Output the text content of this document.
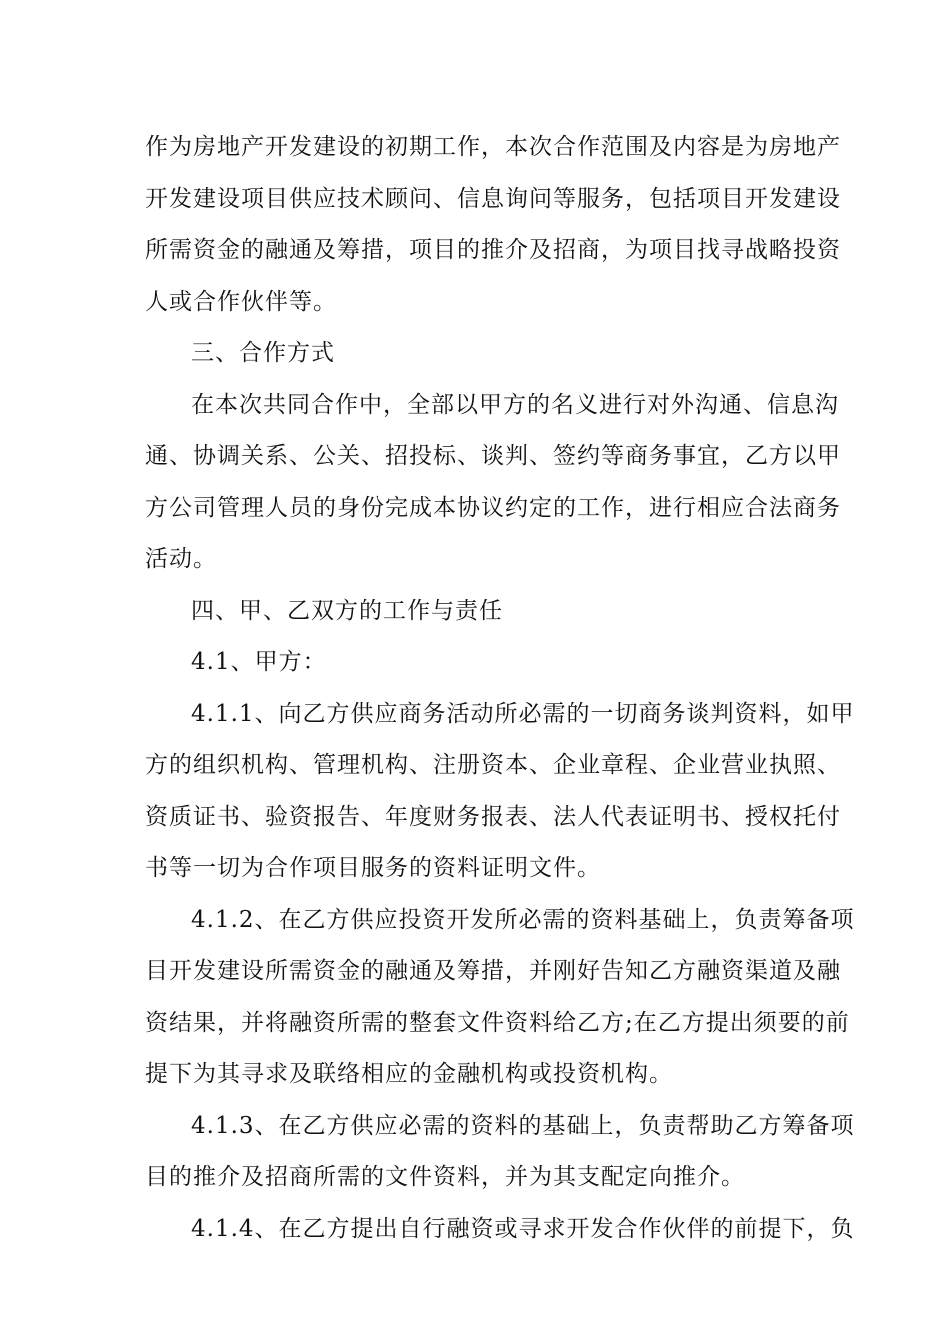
作为房地产开发建设的初期工作，本次合作范围及内容是为房地产
开发建设项目供应技术顾问、信息询问等服务，包括项目开发建设
所需资金的融通及筹措，项目的推介及招商，为项目找寻战略投资
人或合作伙伴等。
三、合作方式
在本次共同合作中，全部以甲方的名义进行对外沟通、信息沟
通、协调关系、公关、招投标、谈判、签约等商务事宜，乙方以甲
方公司管理人员的身份完成本协议约定的工作，进行相应合法商务
活动。
四、甲、乙双方的工作与责任
4.1、甲方：
4.1.1、向乙方供应商务活动所必需的一切商务谈判资料，如甲
方的组织机构、管理机构、注册资本、企业章程、企业营业执照、
资质证书、验资报告、年度财务报表、法人代表证明书、授权托付
书等一切为合作项目服务的资料证明文件。
4.1.2、在乙方供应投资开发所必需的资料基础上，负责筹备项
目开发建设所需资金的融通及筹措，并刚好告知乙方融资渠道及融
资结果，并将融资所需的整套文件资料给乙方;在乙方提出须要的前
提下为其寻求及联络相应的金融机构或投资机构。
4.1.3、在乙方供应必需的资料的基础上，负责帮助乙方筹备项
目的推介及招商所需的文件资料，并为其支配定向推介。
4.1.4、在乙方提出自行融资或寻求开发合作伙伴的前提下，负
